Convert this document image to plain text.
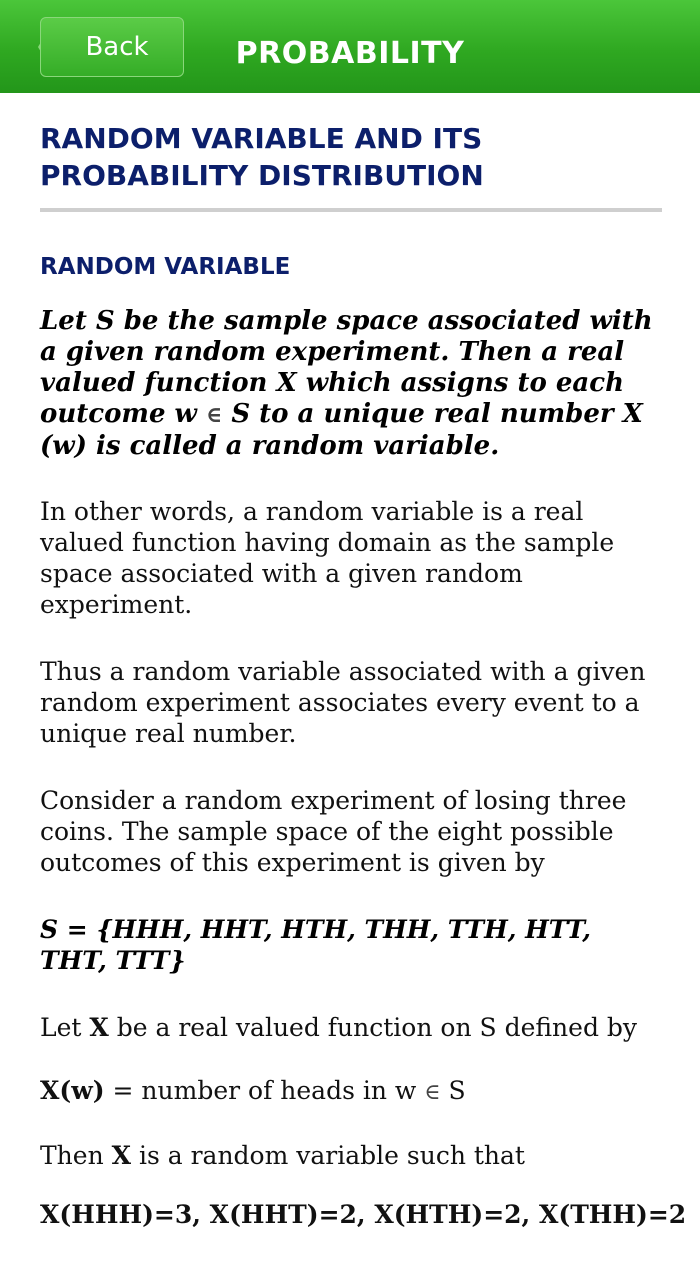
Back	PROBABILITY
RANDOM VARIABLE AND ITS PROBABILITY DISTRIBUTION
RANDOM VARIABLE

Let S be the sample space associated with a given random experiment. Then a real valued function X which assigns to each outcome w ∈ S to a unique real number X (w) is called a random variable.

In other words, a random variable is a real valued function having domain as the sample space associated with a given random experiment.

Thus a random variable associated with a given random experiment associates every event to a unique real number.

Consider a random experiment of losing three coins. The sample space of the eight possible outcomes of this experiment is given by

S = {HHH, HHT, HTH, THH, TTH, HTT, THT, TTT}

Let X be a real valued function on S defined by

X(w) = number of heads in w ∈ S

Then X is a random variable such that

X(HHH)=3, X(HHT)=2, X(HTH)=2, X(THH)=2
